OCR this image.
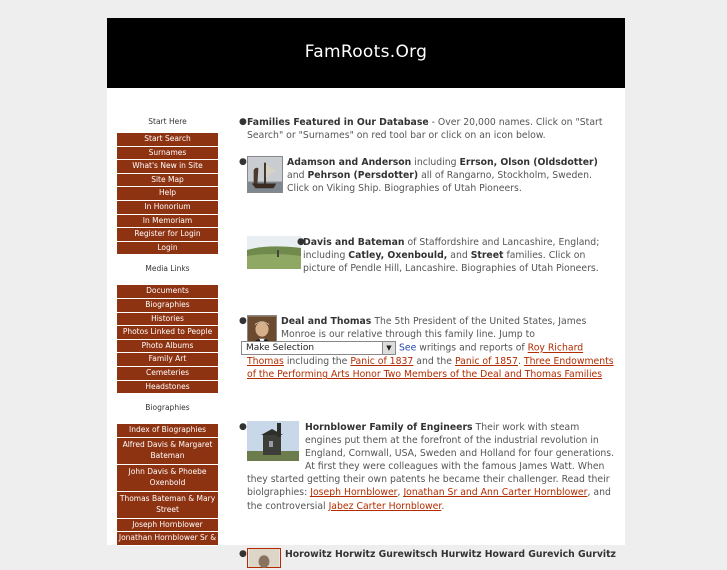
FamRoots.Org
Start Here
Start Search
Surnames
What's New in Site
Site Map
Help
In Honorium
In Memoriam
Register for Login
Login
Media Links
Documents
Biographies
Histories
Photos Linked to People
Photo Albums
Family Art
Cemeteries
Headstones
Biographies
Index of Biographies
Alfred Davis & Margaret Bateman
John Davis & Phoebe Oxenbold
Thomas Bateman & Mary Street
Joseph Hornblower
Jonathan Hornblower Sr &
● Families Featured in Our Database - Over 20,000 names. Click on "Start Search" or "Surnames" on red tool bar or click on an icon below.
●	Adamson and Anderson including Errson, Olson (Oldsdotter) and Pehrson (Persdotter) all of Rangarno, Stockholm, Sweden. Click on Viking Ship. Biographies of Utah Pioneers.
●
Davis and Bateman of Staffordshire and Lancashire, England; including Catley, Oxenbould, and Street families. Click on picture of Pendle Hill, Lancashire. Biographies of Utah Pioneers.
●	Deal and Thomas The 5th President of the United States, James Monroe is our relative through this family line. Jump to
Make Selection	▼ See writings and reports of Roy Richard Thomas including the Panic of 1837 and the Panic of 1857. Three Endowments of the Performing Arts Honor Two Members of the Deal and Thomas Families
●	Hornblower Family of Engineers Their work with steam engines put them at the forefront of the industrial revolution in England, Cornwall, USA, Sweden and Holland for four generations. At first they were colleagues with the famous James Watt. When they started getting their own patents he became their challenger. Read their biolgraphies: Joseph Hornblower, Jonathan Sr and Ann Carter Hornblower, and the controversial Jabez Carter Hornblower.
●	Horowitz Horwitz Gurewitsch Hurwitz Howard Gurevich Gurvitz
